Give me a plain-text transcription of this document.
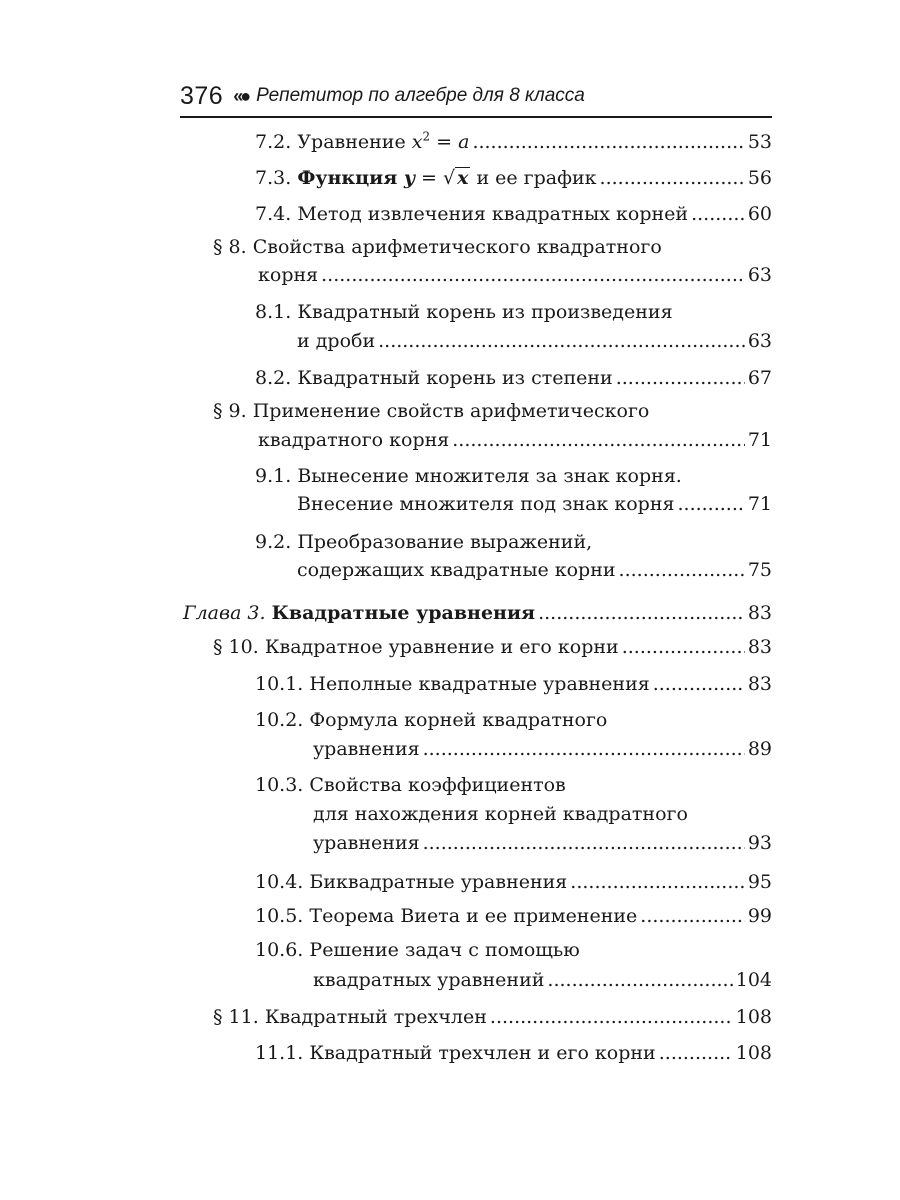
376 «● Репетитор по алгебре для 8 класса
7.2. Уравнение $x^2 = a$ .....	53
7.3. Функция y = √ x и ее график .....	56
7.4. Метод извлечения квадратных корней .....	60
§ 8. Свойства арифметического квадратного
корня .....	63
8.1. Квадратный корень из произведения
и дроби .....	63
8.2. Квадратный корень из степени .....	67
§ 9. Применение свойств арифметического
квадратного корня .....	71
9.1. Вынесение множителя за знак корня.
Внесение множителя под знак корня .....	71
9.2. Преобразование выражений,
содержащих квадратные корни .....	75
Глава 3. Квадратные уравнения .....	83
§ 10. Квадратное уравнение и его корни .....	83
10.1. Неполные квадратные уравнения .....	83
10.2. Формула корней квадратного
уравнения .....	89
10.3. Свойства коэффициентов
для нахождения корней квадратного
уравнения .....	93
10.4. Биквадратные уравнения .....	95
10.5. Теорема Виета и ее применение .....	99
10.6. Решение задач с помощью
квадратных уравнений .....	104
§ 11. Квадратный трехчлен .....	108
11.1. Квадратный трехчлен и его корни .....	108
